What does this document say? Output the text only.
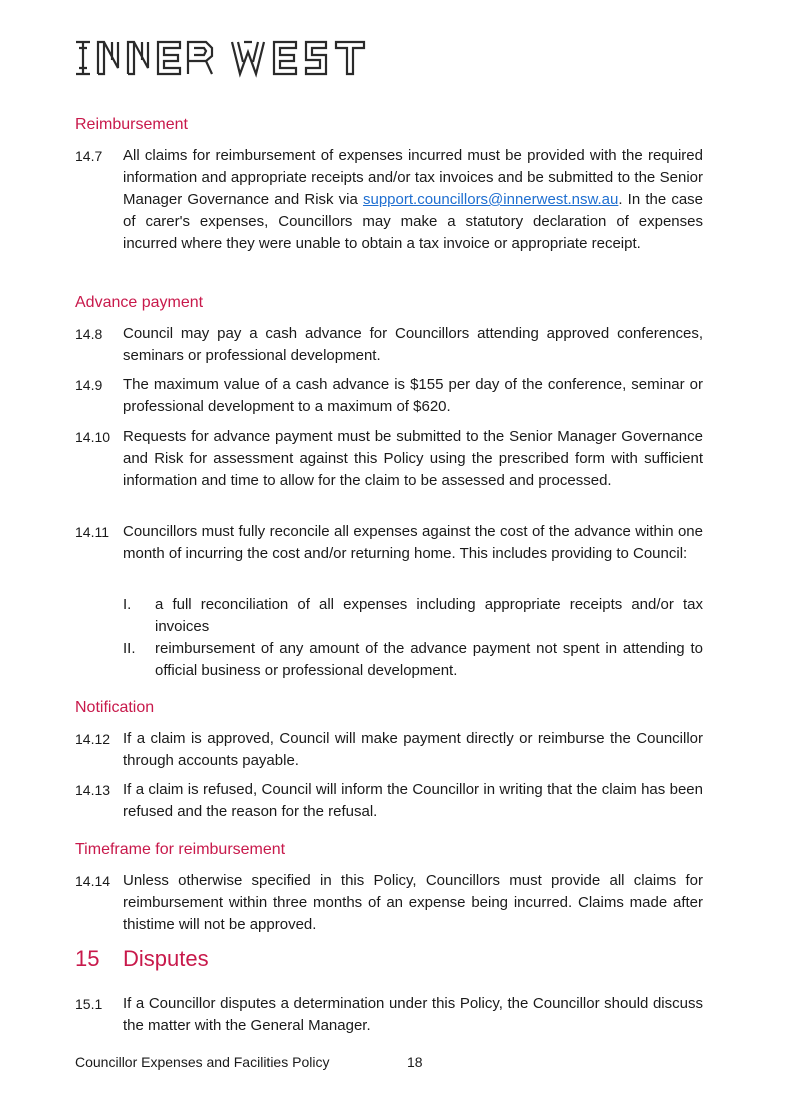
Reimbursement
14.7	All claims for reimbursement of expenses incurred must be provided with the required information and appropriate receipts and/or tax invoices and be submitted to the Senior Manager Governance and Risk via support.councillors@innerwest.nsw.au. In the case of carer's expenses, Councillors may make a statutory declaration of expenses incurred where they were unable to obtain a tax invoice or appropriate receipt.
Advance payment
14.8	Council may pay a cash advance for Councillors attending approved conferences, seminars or professional development.
14.9	The maximum value of a cash advance is $155 per day of the conference, seminar or professional development to a maximum of $620.
14.10 Requests for advance payment must be submitted to the Senior Manager Governance and Risk for assessment against this Policy using the prescribed form with sufficient information and time to allow for the claim to be assessed and processed.
14.11 Councillors must fully reconcile all expenses against the cost of the advance within one month of incurring the cost and/or returning home. This includes providing to Council:
I.	a full reconciliation of all expenses including appropriate receipts and/or tax invoices
II.	reimbursement of any amount of the advance payment not spent in attending to official business or professional development.
Notification
14.12 If a claim is approved, Council will make payment directly or reimburse the Councillor through accounts payable.
14.13 If a claim is refused, Council will inform the Councillor in writing that the claim has been refused and the reason for the refusal.
Timeframe for reimbursement
14.14 Unless otherwise specified in this Policy, Councillors must provide all claims for reimbursement within three months of an expense being incurred. Claims made after thistime will not be approved.
15 Disputes
15.1	If a Councillor disputes a determination under this Policy, the Councillor should discuss the matter with the General Manager.
Councillor Expenses and Facilities Policy	18
